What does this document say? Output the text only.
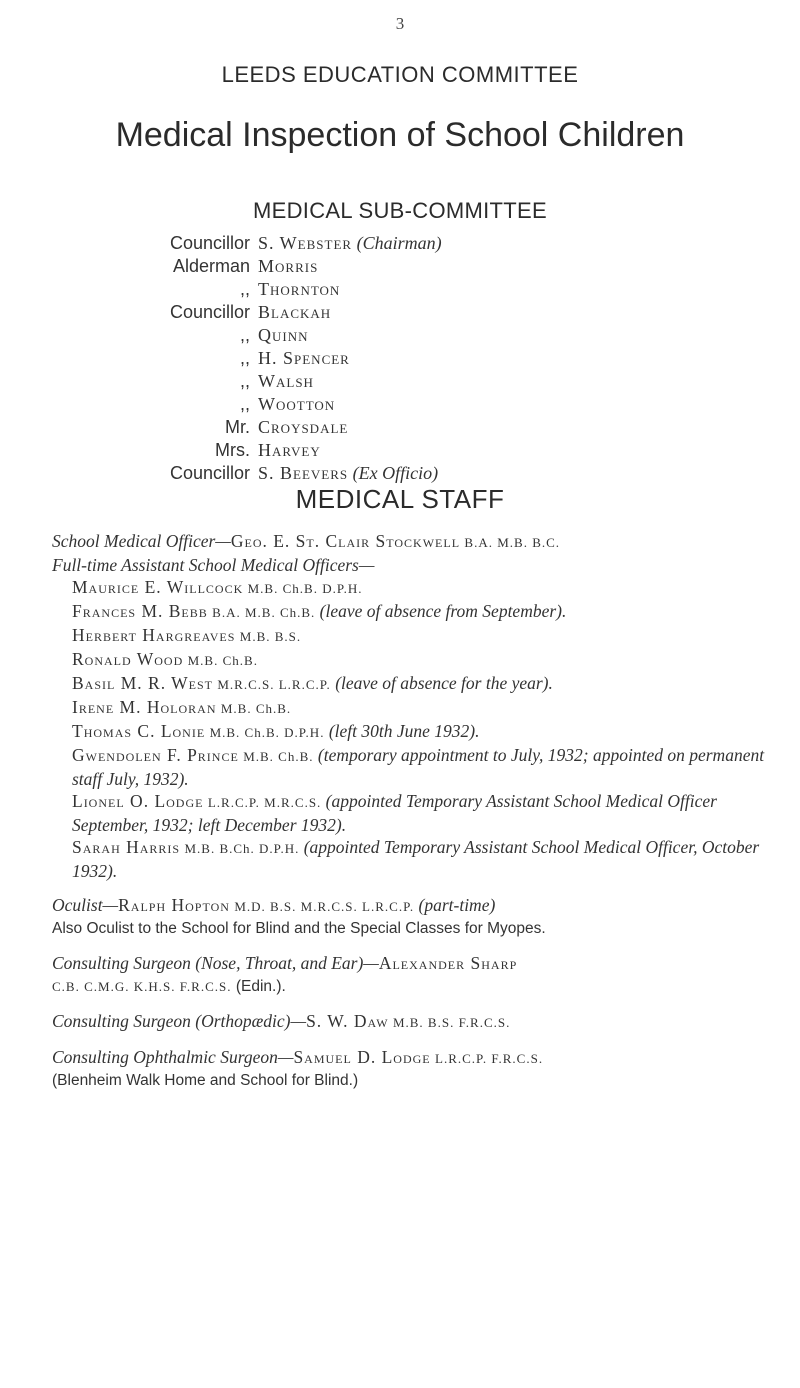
3
LEEDS EDUCATION COMMITTEE
Medical Inspection of School Children
MEDICAL SUB-COMMITTEE
Councillor S. Webster (Chairman)
Alderman Morris
,, Thornton
Councillor Blackah
,, Quinn
,, H. Spencer
,, Walsh
,, Wootton
Mr. Croysdale
Mrs. Harvey
Councillor S. Beevers (Ex Officio)
MEDICAL STAFF
School Medical Officer—Geo. E. St. Clair Stockwell B.A. M.B. B.C.
Full-time Assistant School Medical Officers—
Maurice E. Willcock M.B. Ch.B. D.P.H.
Frances M. Bebb B.A. M.B. Ch.B. (leave of absence from September).
Herbert Hargreaves M.B. B.S.
Ronald Wood M.B. Ch.B.
Basil M. R. West M.R.C.S. L.R.C.P. (leave of absence for the year).
Irene M. Holoran M.B. Ch.B.
Thomas C. Lonie M.B. Ch.B. D.P.H. (left 30th June 1932).
Gwendolen F. Prince M.B. Ch.B. (temporary appointment to July, 1932; appointed on permanent staff July, 1932).
Lionel O. Lodge L.R.C.P. M.R.C.S. (appointed Temporary Assistant School Medical Officer September, 1932; left December 1932).
Sarah Harris M.B. B.Ch. D.P.H. (appointed Temporary Assistant School Medical Officer, October 1932).
Oculist—Ralph Hopton M.D. B.S. M.R.C.S. L.R.C.P. (part-time)
Also Oculist to the School for Blind and the Special Classes for Myopes.
Consulting Surgeon (Nose, Throat, and Ear)—Alexander Sharp
C.B. C.M.G. K.H.S. F.R.C.S. (Edin.).
Consulting Surgeon (Orthopædic)—S. W. Daw M.B. B.S. F.R.C.S.
Consulting Ophthalmic Surgeon—Samuel D. Lodge L.R.C.P. F.R.C.S.
(Blenheim Walk Home and School for Blind.)
